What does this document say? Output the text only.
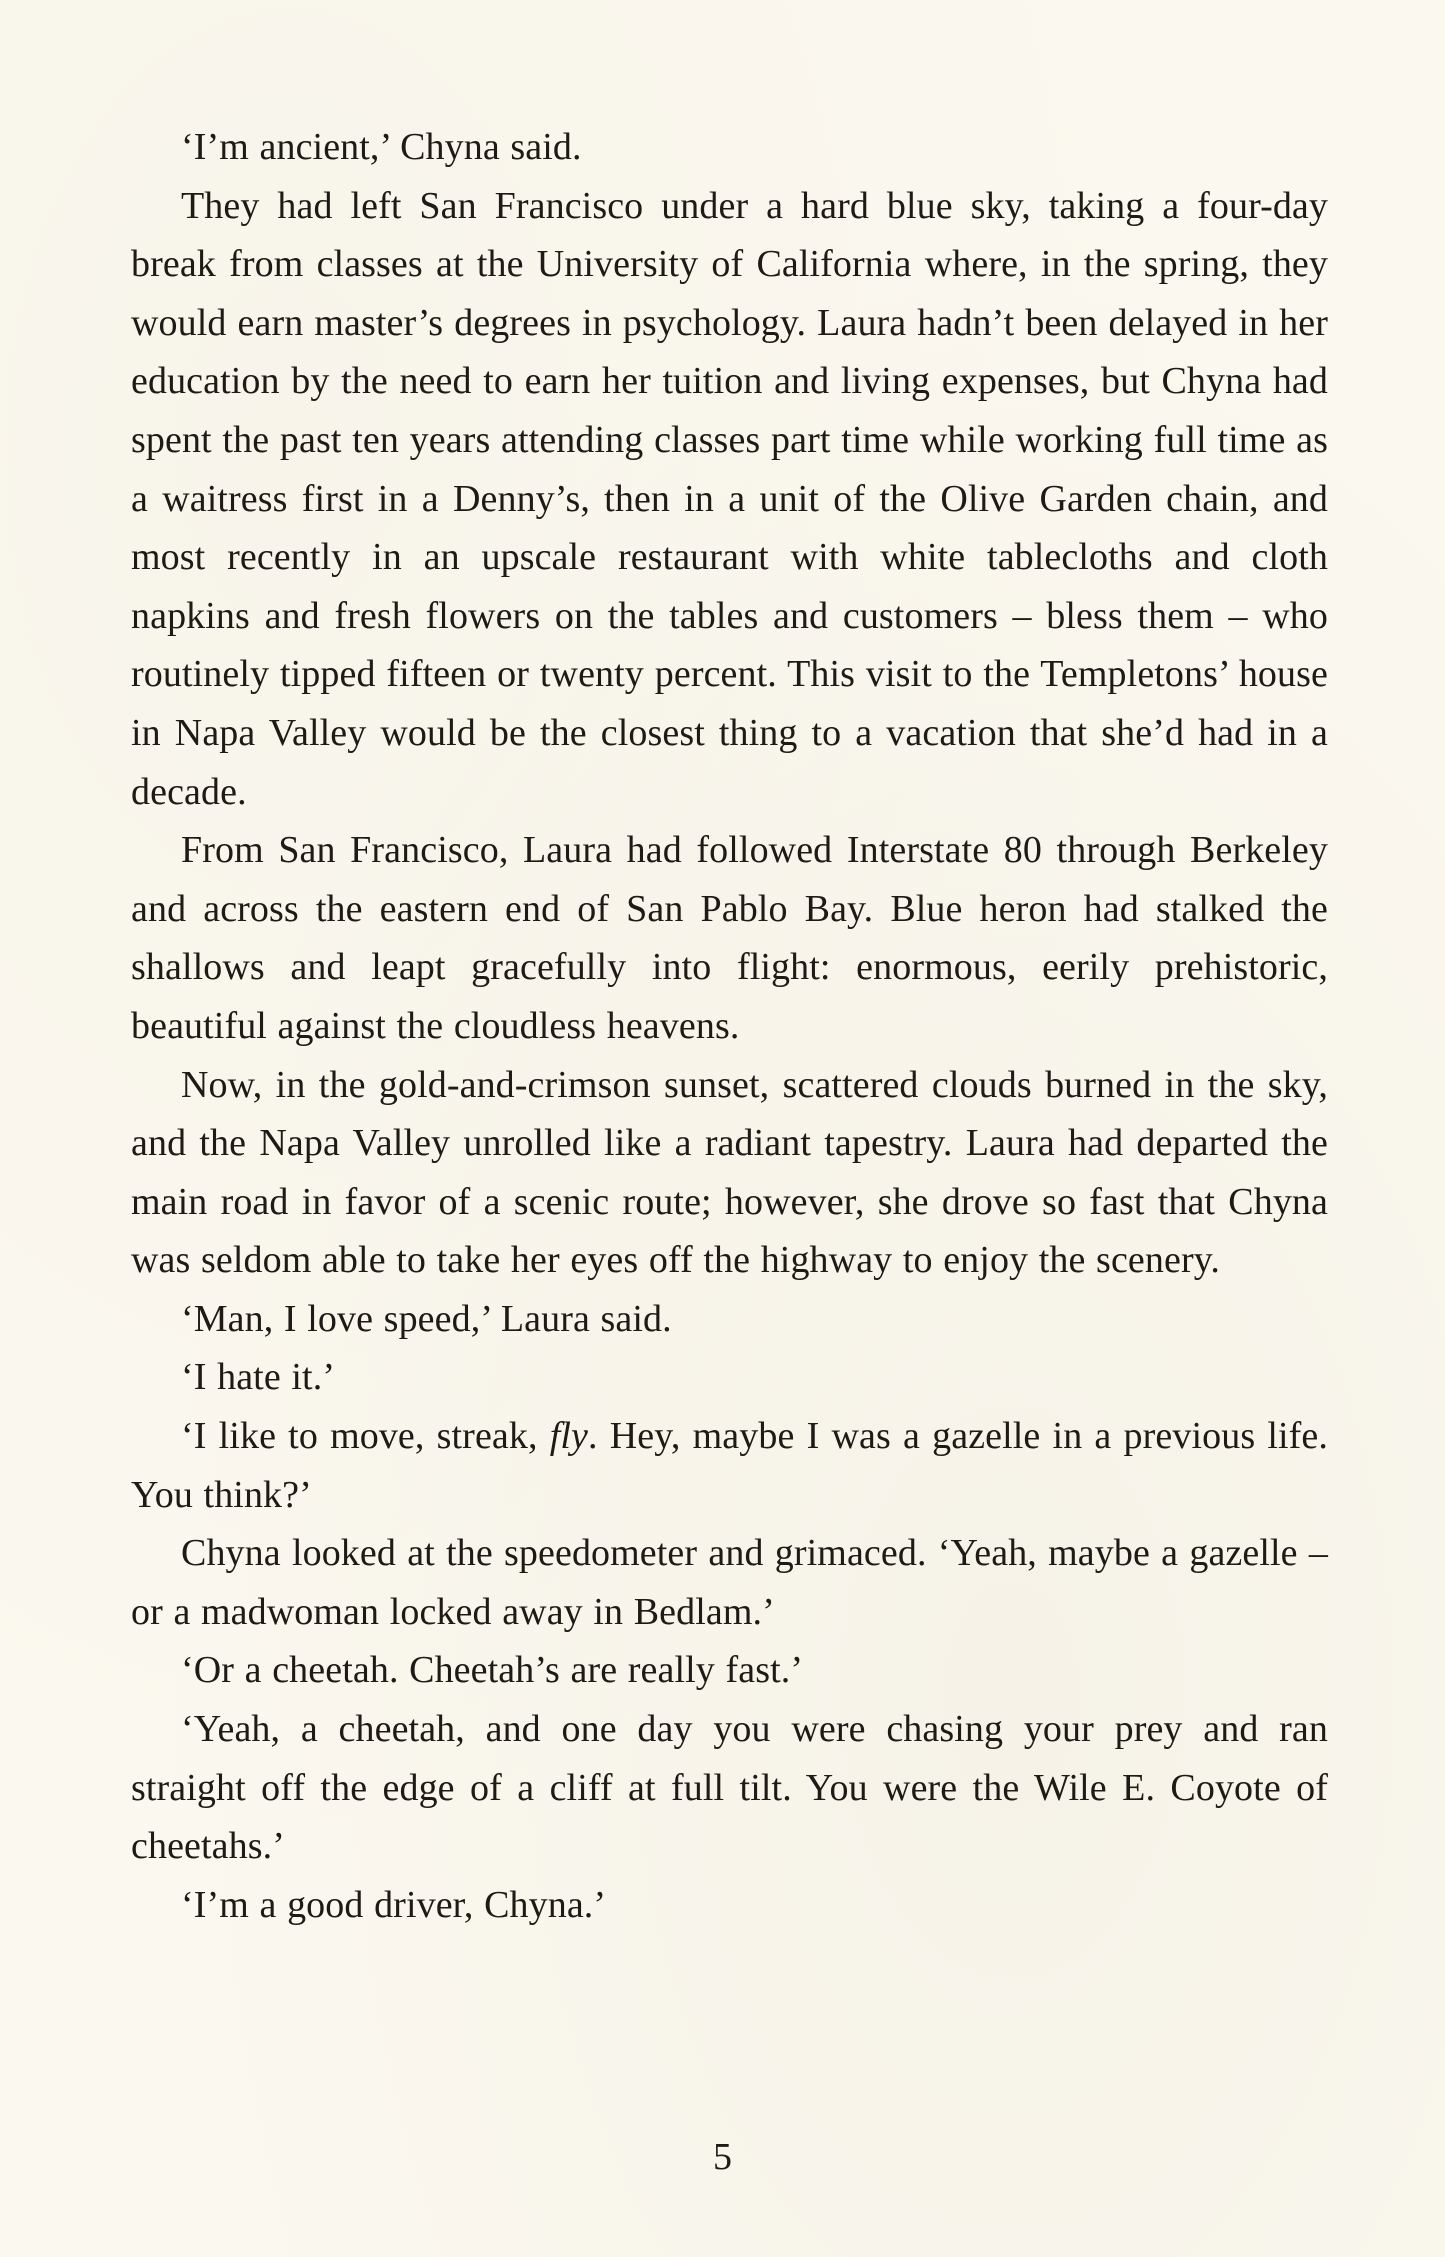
‘I’m ancient,’ Chyna said.

They had left San Francisco under a hard blue sky, taking a four-day break from classes at the University of California where, in the spring, they would earn master’s degrees in psychology. Laura hadn’t been delayed in her education by the need to earn her tuition and living expenses, but Chyna had spent the past ten years attending classes part time while working full time as a waitress first in a Denny’s, then in a unit of the Olive Garden chain, and most recently in an upscale restaurant with white tablecloths and cloth napkins and fresh flowers on the tables and customers – bless them – who routinely tipped fifteen or twenty percent. This visit to the Templetons’ house in Napa Valley would be the closest thing to a vacation that she’d had in a decade.

From San Francisco, Laura had followed Interstate 80 through Berkeley and across the eastern end of San Pablo Bay. Blue heron had stalked the shallows and leapt gracefully into flight: enormous, eerily prehistoric, beautiful against the cloudless heavens.

Now, in the gold-and-crimson sunset, scattered clouds burned in the sky, and the Napa Valley unrolled like a radiant tapestry. Laura had departed the main road in favor of a scenic route; however, she drove so fast that Chyna was seldom able to take her eyes off the highway to enjoy the scenery.

‘Man, I love speed,’ Laura said.

‘I hate it.’

‘I like to move, streak, fly. Hey, maybe I was a gazelle in a previous life. You think?’

Chyna looked at the speedometer and grimaced. ‘Yeah, maybe a gazelle – or a madwoman locked away in Bedlam.’

‘Or a cheetah. Cheetah’s are really fast.’

‘Yeah, a cheetah, and one day you were chasing your prey and ran straight off the edge of a cliff at full tilt. You were the Wile E. Coyote of cheetahs.’

‘I’m a good driver, Chyna.’

5
